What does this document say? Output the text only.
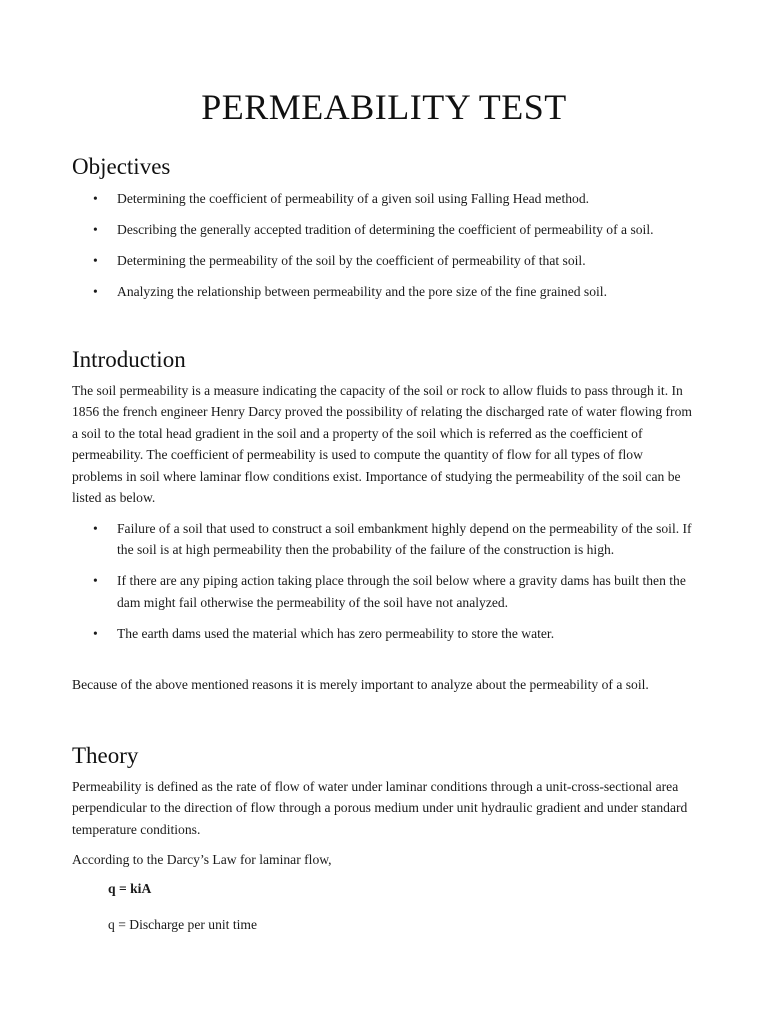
PERMEABILITY TEST
Objectives
• Determining the coefficient of permeability of a given soil using Falling Head method.
• Describing the generally accepted tradition of determining the coefficient of permeability of a soil.
• Determining the permeability of the soil by the coefficient of permeability of that soil.
• Analyzing the relationship between permeability and the pore size of the fine grained soil.
Introduction

The soil permeability is a measure indicating the capacity of the soil or rock to allow fluids to pass through it. In 1856 the french engineer Henry Darcy proved the possibility of relating the discharged rate of water flowing from a soil to the total head gradient in the soil and a property of the soil which is referred as the coefficient of permeability. The coefficient of permeability is used to compute the quantity of flow for all types of flow problems in soil where laminar flow conditions exist. Importance of studying the permeability of the soil can be listed as below.

• Failure of a soil that used to construct a soil embankment highly depend on the permeability of the soil. If the soil is at high permeability then the probability of the failure of the construction is high.
• If there are any piping action taking place through the soil below where a gravity dams has built then the dam might fail otherwise the permeability of the soil have not analyzed.
• The earth dams used the material which has zero permeability to store the water.

Because of the above mentioned reasons it is merely important to analyze about the permeability of a soil.

Theory

Permeability is defined as the rate of flow of water under laminar conditions through a unit-cross-sectional area perpendicular to the direction of flow through a porous medium under unit hydraulic gradient and under standard temperature conditions.

According to the Darcy’s Law for laminar flow,

q = kiA

q = Discharge per unit time
